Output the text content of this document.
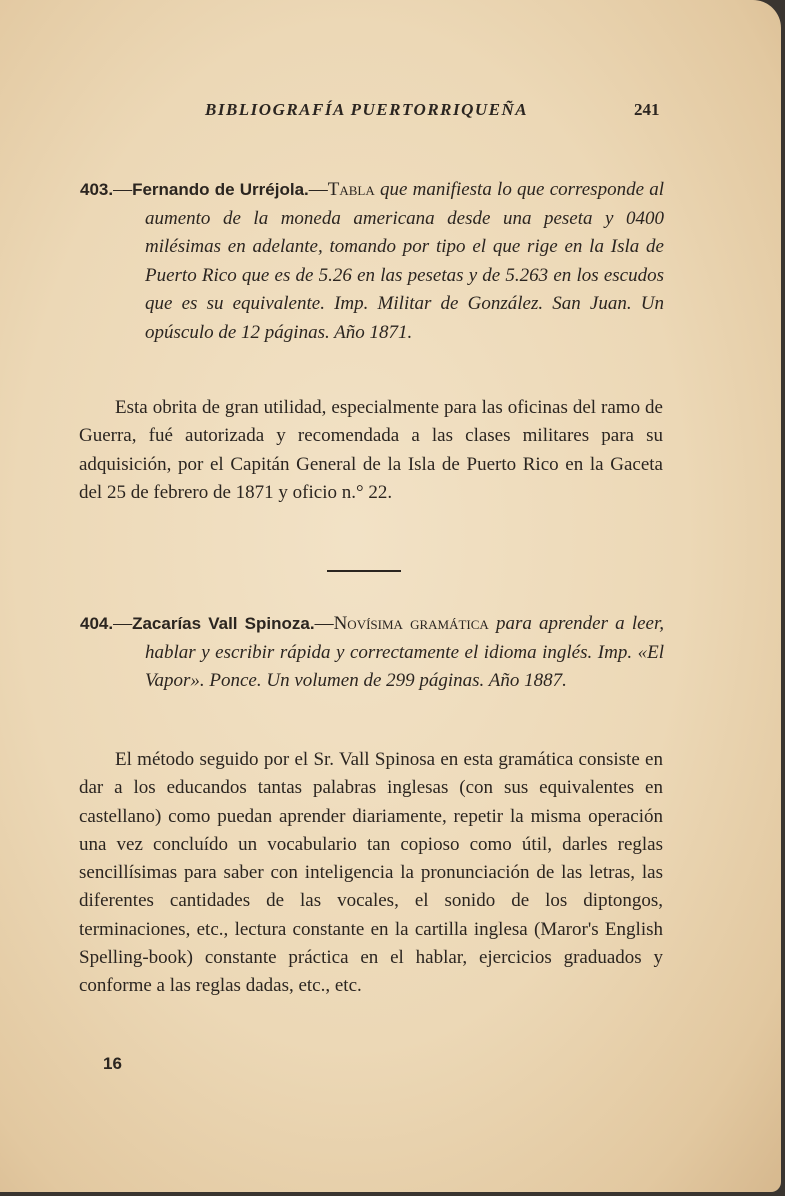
BIBLIOGRAFÍA PUERTORRIQUEÑA	241
403.—Fernando de Urréjola.—Tabla que manifiesta lo que corresponde al aumento de la moneda americana desde una peseta y 0400 milésimas en adelante, tomando por tipo el que rige en la Isla de Puerto Rico que es de 5.26 en las pesetas y de 5.263 en los escudos que es su equivalente. Imp. Militar de González. San Juan. Un opúsculo de 12 páginas. Año 1871.
Esta obrita de gran utilidad, especialmente para las oficinas del ramo de Guerra, fué autorizada y recomendada a las clases militares para su adquisición, por el Capitán General de la Isla de Puerto Rico en la Gaceta del 25 de febrero de 1871 y oficio n.° 22.
404.—Zacarías Vall Spinoza.—Novísima gramática para aprender a leer, hablar y escribir rápida y correctamente el idioma inglés. Imp. «El Vapor». Ponce. Un volumen de 299 páginas. Año 1887.
El método seguido por el Sr. Vall Spinosa en esta gramática consiste en dar a los educandos tantas palabras inglesas (con sus equivalentes en castellano) como puedan aprender diariamente, repetir la misma operación una vez concluído un vocabulario tan copioso como útil, darles reglas sencillísimas para saber con inteligencia la pronunciación de las letras, las diferentes cantidades de las vocales, el sonido de los diptongos, terminaciones, etc., lectura constante en la cartilla inglesa (Maror's English Spelling-book) constante práctica en el hablar, ejercicios graduados y conforme a las reglas dadas, etc., etc.
16
